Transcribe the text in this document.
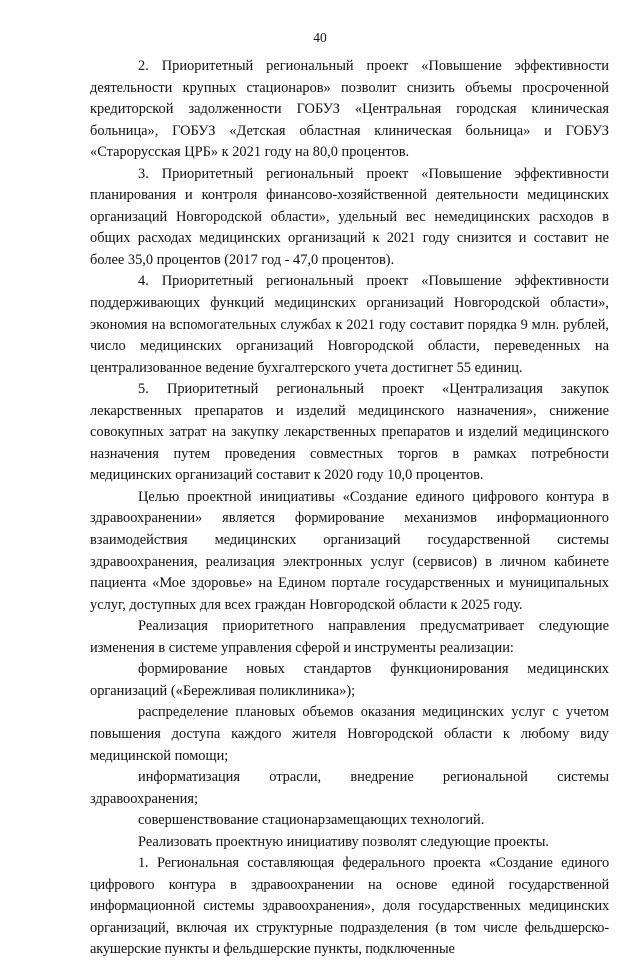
40

2. Приоритетный региональный проект «Повышение эффективности деятельности крупных стационаров» позволит снизить объемы просроченной кредиторской задолженности ГОБУЗ «Центральная городская клиническая больница», ГОБУЗ «Детская областная клиническая больница» и ГОБУЗ «Старорусская ЦРБ» к 2021 году на 80,0 процентов.

3. Приоритетный региональный проект «Повышение эффективности планирования и контроля финансово-хозяйственной деятельности медицинских организаций Новгородской области», удельный вес немедицинских расходов в общих расходах медицинских организаций к 2021 году снизится и составит не более 35,0 процентов (2017 год - 47,0 процентов).

4. Приоритетный региональный проект «Повышение эффективности поддерживающих функций медицинских организаций Новгородской области», экономия на вспомогательных службах к 2021 году составит порядка 9 млн. рублей, число медицинских организаций Новгородской области, переведенных на централизованное ведение бухгалтерского учета достигнет 55 единиц.

5. Приоритетный региональный проект «Централизация закупок лекарственных препаратов и изделий медицинского назначения», снижение совокупных затрат на закупку лекарственных препаратов и изделий медицинского назначения путем проведения совместных торгов в рамках потребности медицинских организаций составит к 2020 году 10,0 процентов.

Целью проектной инициативы «Создание единого цифрового контура в здравоохранении» является формирование механизмов информационного взаимодействия медицинских организаций государственной системы здравоохранения, реализация электронных услуг (сервисов) в личном кабинете пациента «Мое здоровье» на Едином портале государственных и муниципальных услуг, доступных для всех граждан Новгородской области к 2025 году.

Реализация приоритетного направления предусматривает следующие изменения в системе управления сферой и инструменты реализации:

формирование новых стандартов функционирования медицинских организаций («Бережливая поликлиника»);

распределение плановых объемов оказания медицинских услуг с учетом повышения доступа каждого жителя Новгородской области к любому виду медицинской помощи;

информатизация отрасли, внедрение региональной системы здравоохранения;

совершенствование стационарзамещающих технологий.

Реализовать проектную инициативу позволят следующие проекты.

1. Региональная составляющая федерального проекта «Создание единого цифрового контура в здравоохранении на основе единой государственной информационной системы здравоохранения», доля государственных медицинских организаций, включая их структурные подразделения (в том числе фельдшерско-акушерские пункты и фельдшерские пункты, подключенные
